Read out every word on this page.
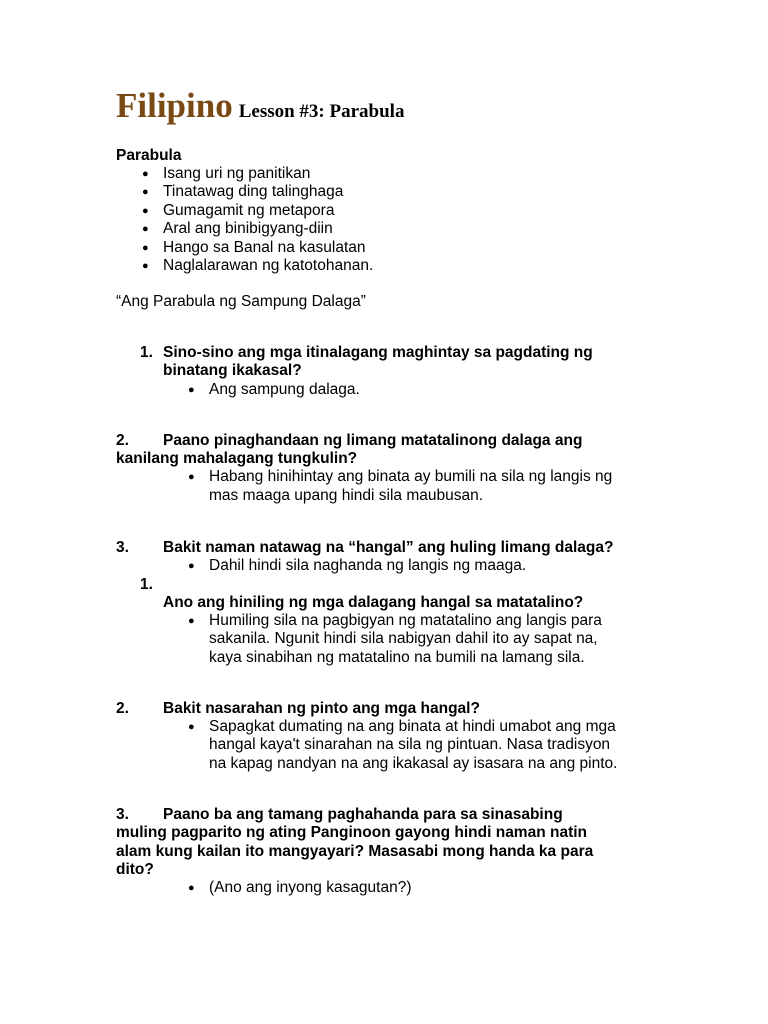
Filipino Lesson #3: Parabula
Parabula
● Isang uri ng panitikan
● Tinatawag ding talinghaga
● Gumagamit ng metapora
● Aral ang binibigyang-diin
● Hango sa Banal na kasulatan
● Naglalarawan ng katotohanan.
“Ang Parabula ng Sampung Dalaga”
1. Sino-sino ang mga itinalagang maghintay sa pagdating ng
binatang ikakasal?
● Ang sampung dalaga.
2. Paano pinaghandaan ng limang matatalinong dalaga ang
kanilang mahalagang tungkulin?
● Habang hinihintay ang binata ay bumili na sila ng langis ng
mas maaga upang hindi sila maubusan.
3. Bakit naman natawag na “hangal” ang huling limang dalaga?
● Dahil hindi sila naghanda ng langis ng maaga.
1.
Ano ang hiniling ng mga dalagang hangal sa matatalino?
● Humiling sila na pagbigyan ng matatalino ang langis para
sakanila. Ngunit hindi sila nabigyan dahil ito ay sapat na,
kaya sinabihan ng matatalino na bumili na lamang sila.
2. Bakit nasarahan ng pinto ang mga hangal?
● Sapagkat dumating na ang binata at hindi umabot ang mga
hangal kaya't sinarahan na sila ng pintuan. Nasa tradisyon
na kapag nandyan na ang ikakasal ay isasara na ang pinto.
3. Paano ba ang tamang paghahanda para sa sinasabing
muling pagparito ng ating Panginoon gayong hindi naman natin
alam kung kailan ito mangyayari? Masasabi mong handa ka para
dito?
● (Ano ang inyong kasagutan?)
